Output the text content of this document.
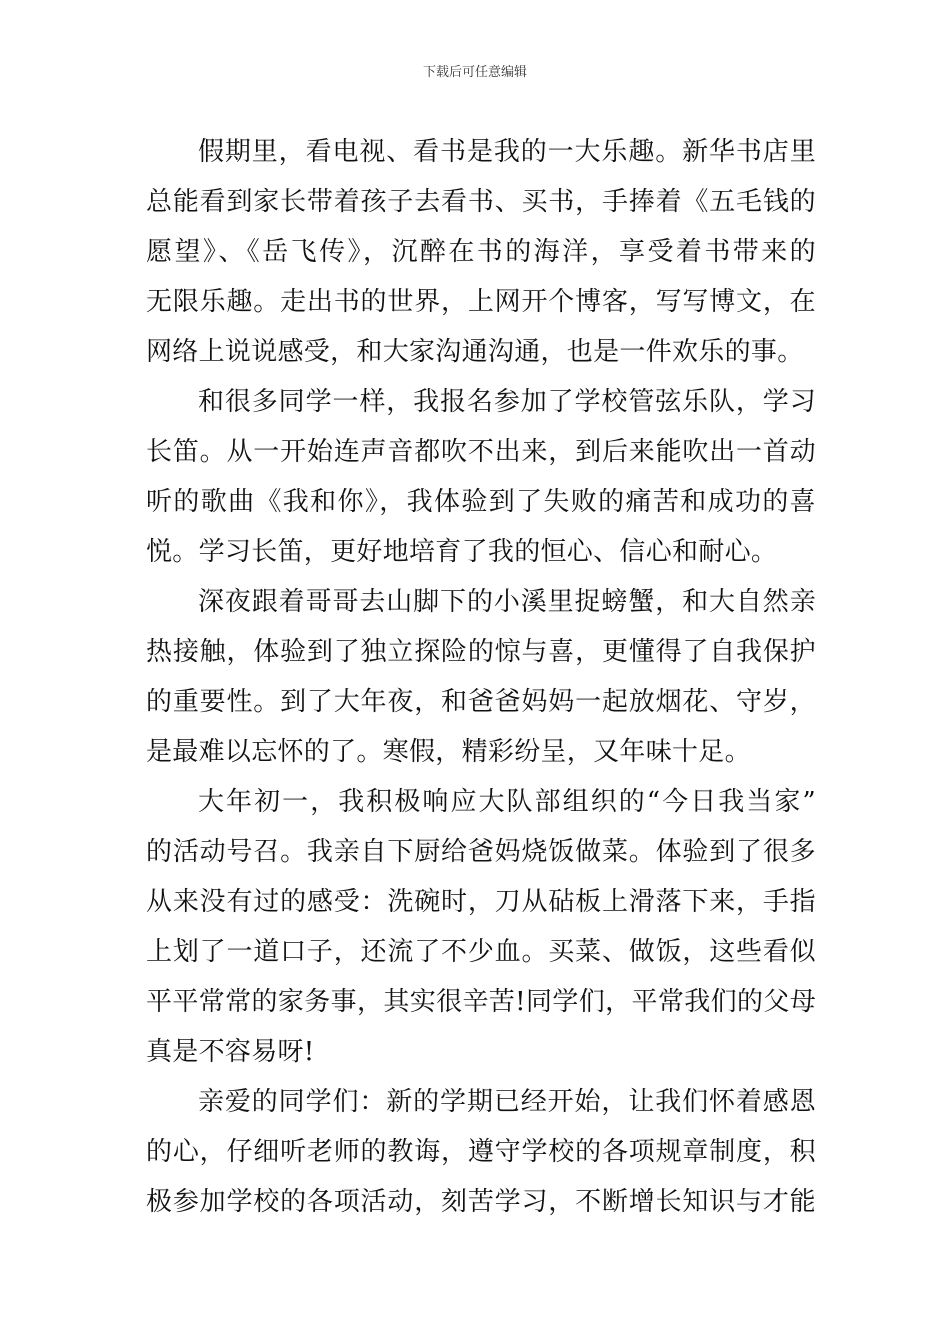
下载后可任意编辑
假期里，看电视、看书是我的一大乐趣。新华书店里
总能看到家长带着孩子去看书、买书，手捧着《五毛钱的
愿望》、《岳飞传》，沉醉在书的海洋，享受着书带来的
无限乐趣。走出书的世界，上网开个博客，写写博文，在
网络上说说感受，和大家沟通沟通，也是一件欢乐的事。
和很多同学一样，我报名参加了学校管弦乐队，学习
长笛。从一开始连声音都吹不出来，到后来能吹出一首动
听的歌曲《我和你》，我体验到了失败的痛苦和成功的喜
悦。学习长笛，更好地培育了我的恒心、信心和耐心。
深夜跟着哥哥去山脚下的小溪里捉螃蟹，和大自然亲
热接触，体验到了独立探险的惊与喜，更懂得了自我保护
的重要性。到了大年夜，和爸爸妈妈一起放烟花、守岁，
是最难以忘怀的了。寒假，精彩纷呈，又年味十足。
大年初一，我积极响应大队部组织的“今日我当家”
的活动号召。我亲自下厨给爸妈烧饭做菜。体验到了很多
从来没有过的感受：洗碗时，刀从砧板上滑落下来，手指
上划了一道口子，还流了不少血。买菜、做饭，这些看似
平平常常的家务事，其实很辛苦!同学们，平常我们的父母
真是不容易呀!
亲爱的同学们：新的学期已经开始，让我们怀着感恩
的心，仔细听老师的教诲，遵守学校的各项规章制度，积
极参加学校的各项活动，刻苦学习，不断增长知识与才能
